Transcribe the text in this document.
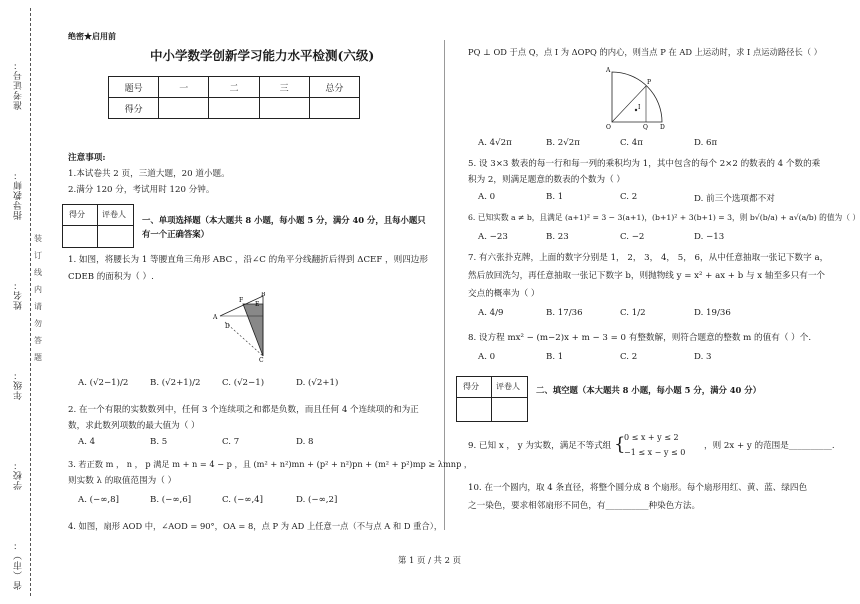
准考证号：
指导教师：
姓名：
年级：
学校：
省（市）：
装
订
线
内
请
勿
答
题
绝密★启用前
中小学数学创新学习能力水平检测(六级)
题号	一	二	三	总分
得分				
注意事项:
1.本试卷共 2 页，三道大题，20 道小题。
2.满分 120 分，考试用时 120 分钟。
得分 评卷人
一、单项选择题（本大题共 8 小题，每小题 5 分，满分 40 分，且每小题只
有一个正确答案）
1. 如图，将腰长为 1 等腰直角三角形 ABC ，沿∠C 的角平分线翻折后得到 ΔCEF ，则四边形
CDEB 的面积为（ ）.
A
F
E
B
D
C
A. (√2−1)/2	B. (√2+1)/2	C. (√2−1)	D. (√2+1)
2. 在一个有限的实数数列中，任何 3 个连续项之和都是负数，而且任何 4 个连续项的和为正
数，求此数列项数的最大值为（ ）
A. 4	B. 5	C. 7	D. 8
3. 若正数 m ， n ， p 满足 m + n = 4 − p ，且 (m² + n²)mn + (p² + n²)pn + (m² + p²)mp ≥ λmnp ，
则实数 λ 的取值范围为（ ）
A. (−∞,8]	B. (−∞,6]	C. (−∞,4]	D. (−∞,2]
4. 如图，扇形 AOD 中，∠AOD = 90°，OA = 8，点 P 为 AD 上任意一点（不与点 A 和 D 重合），
PQ ⊥ OD 于点 Q，点 I 为 ΔOPQ 的内心，则当点 P 在 AD 上运动时，求 I 点运动路径长（ ）
A
P
I
O	Q D
A. 4√2π	B. 2√2π	C. 4π	D. 6π
5. 设 3×3 数表的每一行和每一列的乘积均为 1，其中包含的每个 2×2 的数表的 4 个数的乘
积为 2，则满足题意的数表的个数为（ ）
A. 0	B. 1	C. 2	D. 前三个选项都不对
6. 已知实数 a ≠ b，且满足 (a+1)² = 3 − 3(a+1)，(b+1)² + 3(b+1) = 3，则 b√(b/a) + a√(a/b) 的值为（ ）
A. −23	B. 23	C. −2	D. −13
7. 有六张扑克牌，上面的数字分别是 1， 2， 3， 4， 5， 6，从中任意抽取一张记下数字 a，
然后放回洗匀，再任意抽取一张记下数字 b，则抛物线 y = x² + ax + b 与 x 轴至多只有一个
交点的概率为（ ）
A. 4/9	B. 17/36	C. 1/2	D. 19/36
8. 设方程 mx² − (m−2)x + m − 3 = 0 有整数解，则符合题意的整数 m 的值有（ ）个.
A. 0	B. 1	C. 2	D. 3
得分 评卷人 二、填空题（本大题共 8 小题，每小题 5 分，满分 40 分）
9. 已知 x ， y 为实数，满足不等式组 {
0 ≤ x + y ≤ 2
−1 ≤ x − y ≤ 0
，则 2x + y 的范围是__________.
10. 在一个圆内，取 4 条直径，将整个圆分成 8 个扇形。每个扇形用红、黄、蓝、绿四色
之一染色，要求相邻扇形不同色，有__________种染色方法。
第 1 页 / 共 2 页
